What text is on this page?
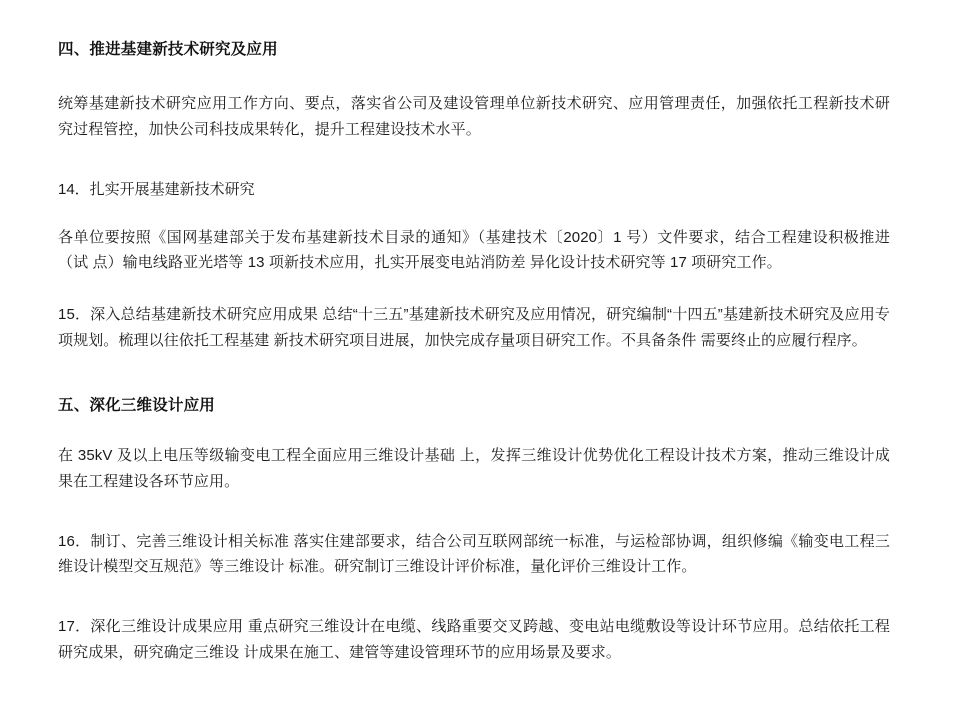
四、推进基建新技术研究及应用

统筹基建新技术研究应用工作方向、要点，落实省公司及建设管理单位新技术研究、应用管理责任，加强依托工程新技术研 究过程管控，加快公司科技成果转化，提升工程建设技术水平。

14．扎实开展基建新技术研究

各单位要按照《国网基建部关于发布基建新技术目录的通知》（基建技术〔2020〕1 号）文件要求，结合工程建设积极推进（试 点）输电线路亚光塔等 13 项新技术应用，扎实开展变电站消防差 异化设计技术研究等 17 项研究工作。

15．深入总结基建新技术研究应用成果 总结“十三五”基建新技术研究及应用情况，研究编制“十四五”基建新技术研究及应用专项规划。梳理以往依托工程基建 新技术研究项目进展，加快完成存量项目研究工作。不具备条件 需要终止的应履行程序。

五、深化三维设计应用

在 35kV 及以上电压等级输变电工程全面应用三维设计基础 上，发挥三维设计优势优化工程设计技术方案，推动三维设计成 果在工程建设各环节应用。

16．制订、完善三维设计相关标准 落实住建部要求，结合公司互联网部统一标准，与运检部协调，组织修编《输变电工程三维设计模型交互规范》等三维设计 标准。研究制订三维设计评价标准，量化评价三维设计工作。

17．深化三维设计成果应用 重点研究三维设计在电缆、线路重要交叉跨越、变电站电缆敷设等设计环节应用。总结依托工程研究成果，研究确定三维设 计成果在施工、建管等建设管理环节的应用场景及要求。
